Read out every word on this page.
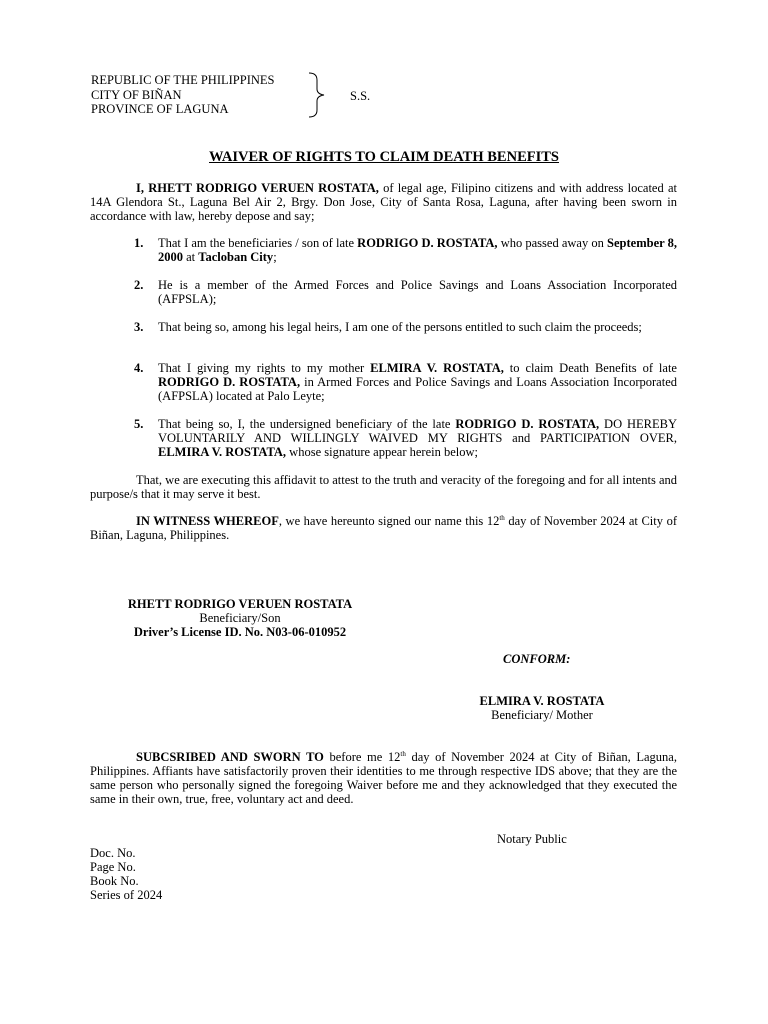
REPUBLIC OF THE PHILIPPINES
CITY OF BIÑAN
PROVINCE OF LAGUNA
S.S.
WAIVER OF RIGHTS TO CLAIM DEATH BENEFITS
I, RHETT RODRIGO VERUEN ROSTATA, of legal age, Filipino citizens and with address located at 14A Glendora St., Laguna Bel Air 2, Brgy. Don Jose, City of Santa Rosa, Laguna, after having been sworn in accordance with law, hereby depose and say;
1. That I am the beneficiaries / son of late RODRIGO D. ROSTATA, who passed away on September 8, 2000 at Tacloban City;
2. He is a member of the Armed Forces and Police Savings and Loans Association Incorporated (AFPSLA);
3. That being so, among his legal heirs, I am one of the persons entitled to such claim the proceeds;
4. That I giving my rights to my mother ELMIRA V. ROSTATA, to claim Death Benefits of late RODRIGO D. ROSTATA, in Armed Forces and Police Savings and Loans Association Incorporated (AFPSLA) located at Palo Leyte;
5. That being so, I, the undersigned beneficiary of the late RODRIGO D. ROSTATA, DO HEREBY VOLUNTARILY AND WILLINGLY WAIVED MY RIGHTS and PARTICIPATION OVER, ELMIRA V. ROSTATA, whose signature appear herein below;
That, we are executing this affidavit to attest to the truth and veracity of the foregoing and for all intents and purpose/s that it may serve it best.
IN WITNESS WHEREOF, we have hereunto signed our name this 12th day of November 2024 at City of Biñan, Laguna, Philippines.
RHETT RODRIGO VERUEN ROSTATA
Beneficiary/Son
Driver’s License ID. No. N03-06-010952
CONFORM:
ELMIRA V. ROSTATA
Beneficiary/ Mother
SUBCSRIBED AND SWORN TO before me 12th day of November 2024 at City of Biñan, Laguna, Philippines. Affiants have satisfactorily proven their identities to me through respective IDS above; that they are the same person who personally signed the foregoing Waiver before me and they acknowledged that they executed the same in their own, true, free, voluntary act and deed.
Notary Public
Doc. No.
Page No.
Book No.
Series of 2024
